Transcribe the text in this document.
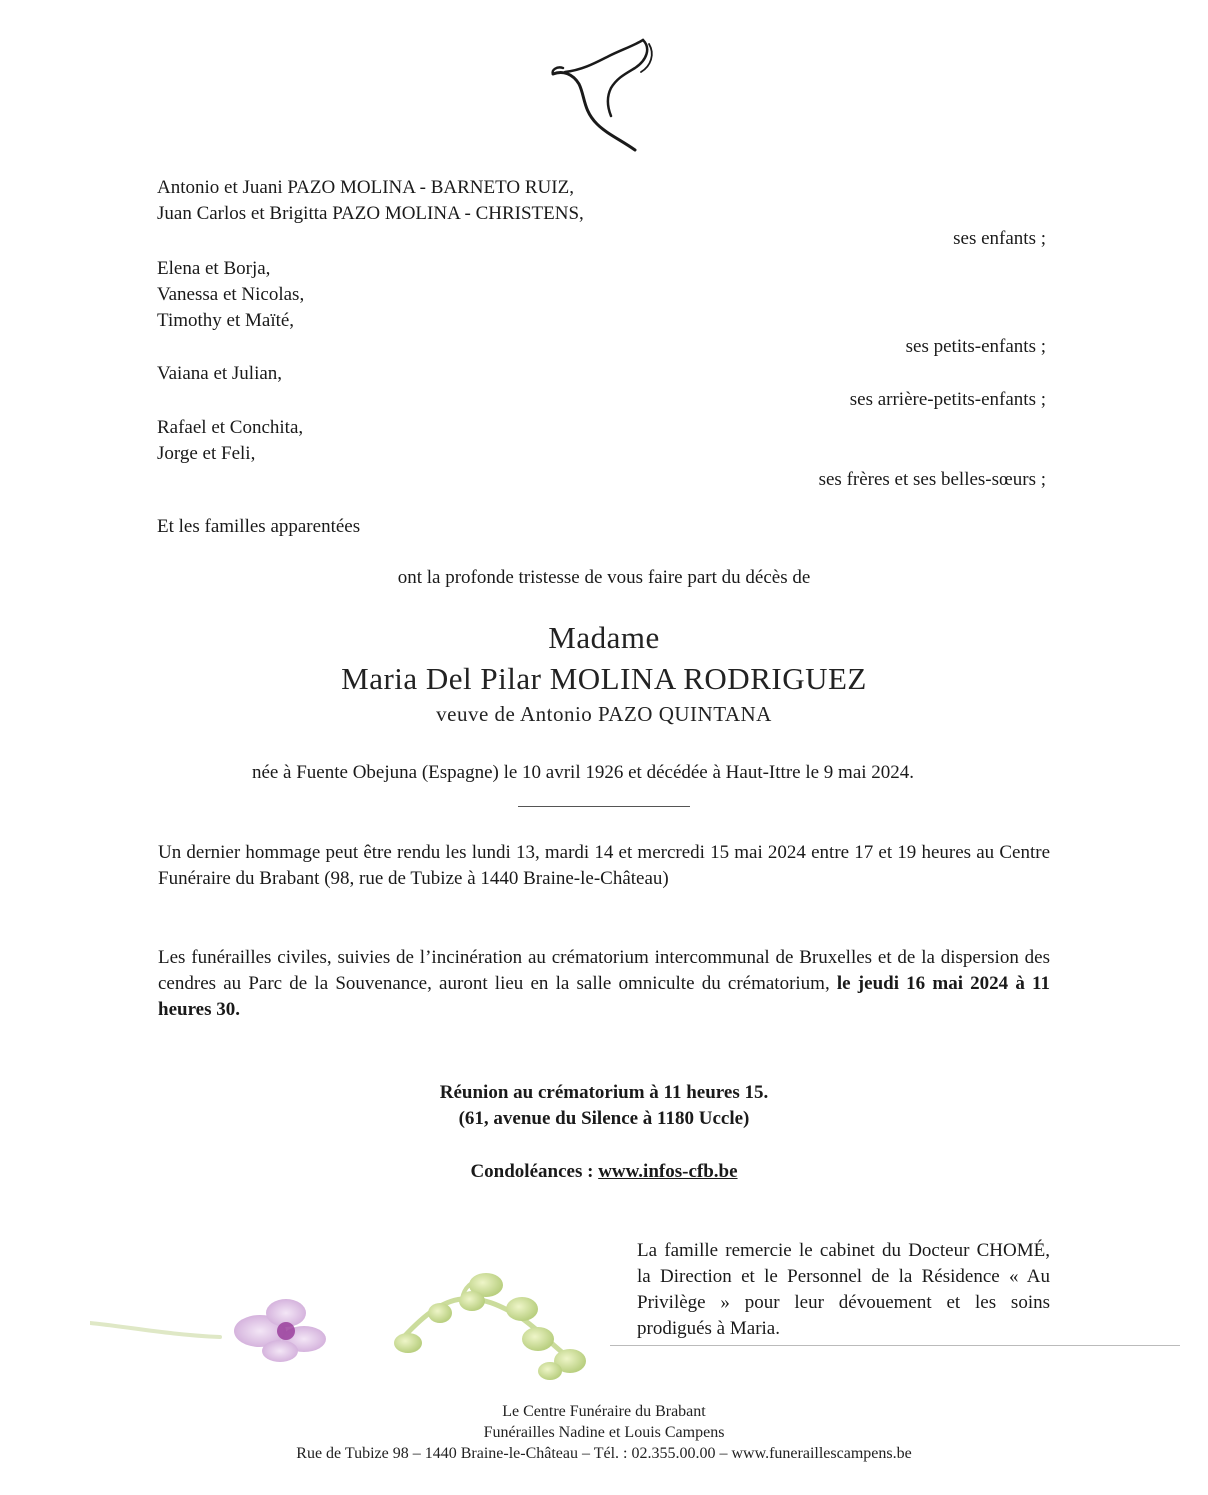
Antonio et Juani PAZO MOLINA - BARNETO RUIZ,
Juan Carlos et Brigitta PAZO MOLINA - CHRISTENS,
ses enfants ;
Elena et Borja,
Vanessa et Nicolas,
Timothy et Maïté,
ses petits-enfants ;
Vaiana et Julian,
ses arrière-petits-enfants ;
Rafael et Conchita,
Jorge et Feli,
ses frères et ses belles-sœurs ;
Et les familles apparentées
ont la profonde tristesse de vous faire part du décès de
Madame
Maria Del Pilar MOLINA RODRIGUEZ
veuve de Antonio PAZO QUINTANA
née à Fuente Obejuna (Espagne) le 10 avril 1926 et décédée à Haut-Ittre le 9 mai 2024.
Un dernier hommage peut être rendu les lundi 13, mardi 14 et mercredi 15 mai 2024 entre 17 et 19 heures au Centre Funéraire du Brabant (98, rue de Tubize à 1440 Braine-le-Château)
Les funérailles civiles, suivies de l’incinération au crématorium intercommunal de Bruxelles et de la dispersion des cendres au Parc de la Souvenance, auront lieu en la salle omniculte du crématorium, le jeudi 16 mai 2024 à 11 heures 30.
Réunion au crématorium à 11 heures 15.
(61, avenue du Silence à 1180 Uccle)
Condoléances : www.infos-cfb.be
La famille remercie le cabinet du Docteur CHOMÉ, la Direction et le Personnel de la Résidence « Au Privilège » pour leur dévouement et les soins prodigués à Maria.
Le Centre Funéraire du Brabant
Funérailles Nadine et Louis Campens
Rue de Tubize 98 – 1440 Braine-le-Château – Tél. : 02.355.00.00 – www.funeraillescampens.be
